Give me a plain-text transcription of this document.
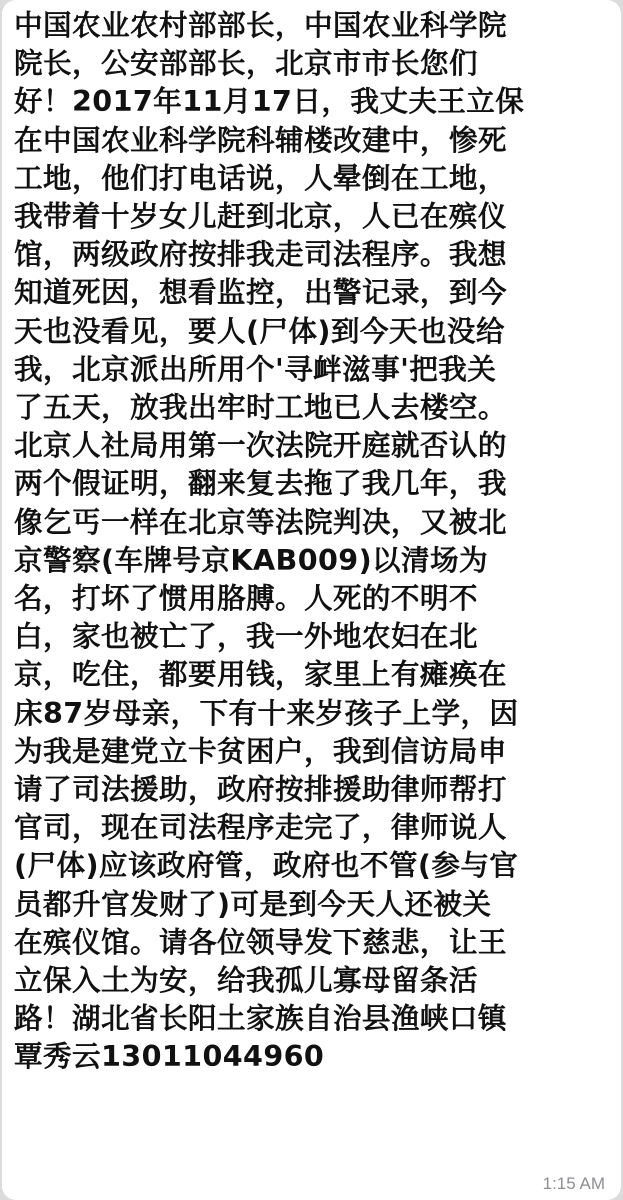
中国农业农村部部长，中国农业科学院
院长，公安部部长，北京市市长您们
好！2017年11月17日，我丈夫王立保
在中国农业科学院科辅楼改建中，惨死
工地，他们打电话说，人晕倒在工地，
我带着十岁女儿赶到北京，人已在殡仪
馆，两级政府按排我走司法程序。我想
知道死因，想看监控，出警记录，到今
天也没看见，要人(尸体)到今天也没给
我，北京派出所用个'寻衅滋事'把我关
了五天，放我出牢时工地已人去楼空。
北京人社局用第一次法院开庭就否认的
两个假证明，翻来复去拖了我几年，我
像乞丐一样在北京等法院判决，又被北
京警察(车牌号京KAB009)以清场为
名，打坏了惯用胳膊。人死的不明不
白，家也被亡了，我一外地农妇在北
京，吃住，都要用钱，家里上有瘫痪在
床87岁母亲，下有十来岁孩子上学，因
为我是建党立卡贫困户，我到信访局申
请了司法援助，政府按排援助律师帮打
官司，现在司法程序走完了，律师说人
(尸体)应该政府管，政府也不管(参与官
员都升官发财了)可是到今天人还被关
在殡仪馆。请各位领导发下慈悲，让王
立保入土为安，给我孤儿寡母留条活
路！湖北省长阳土家族自治县渔峡口镇
覃秀云13011044960
1:15 AM
